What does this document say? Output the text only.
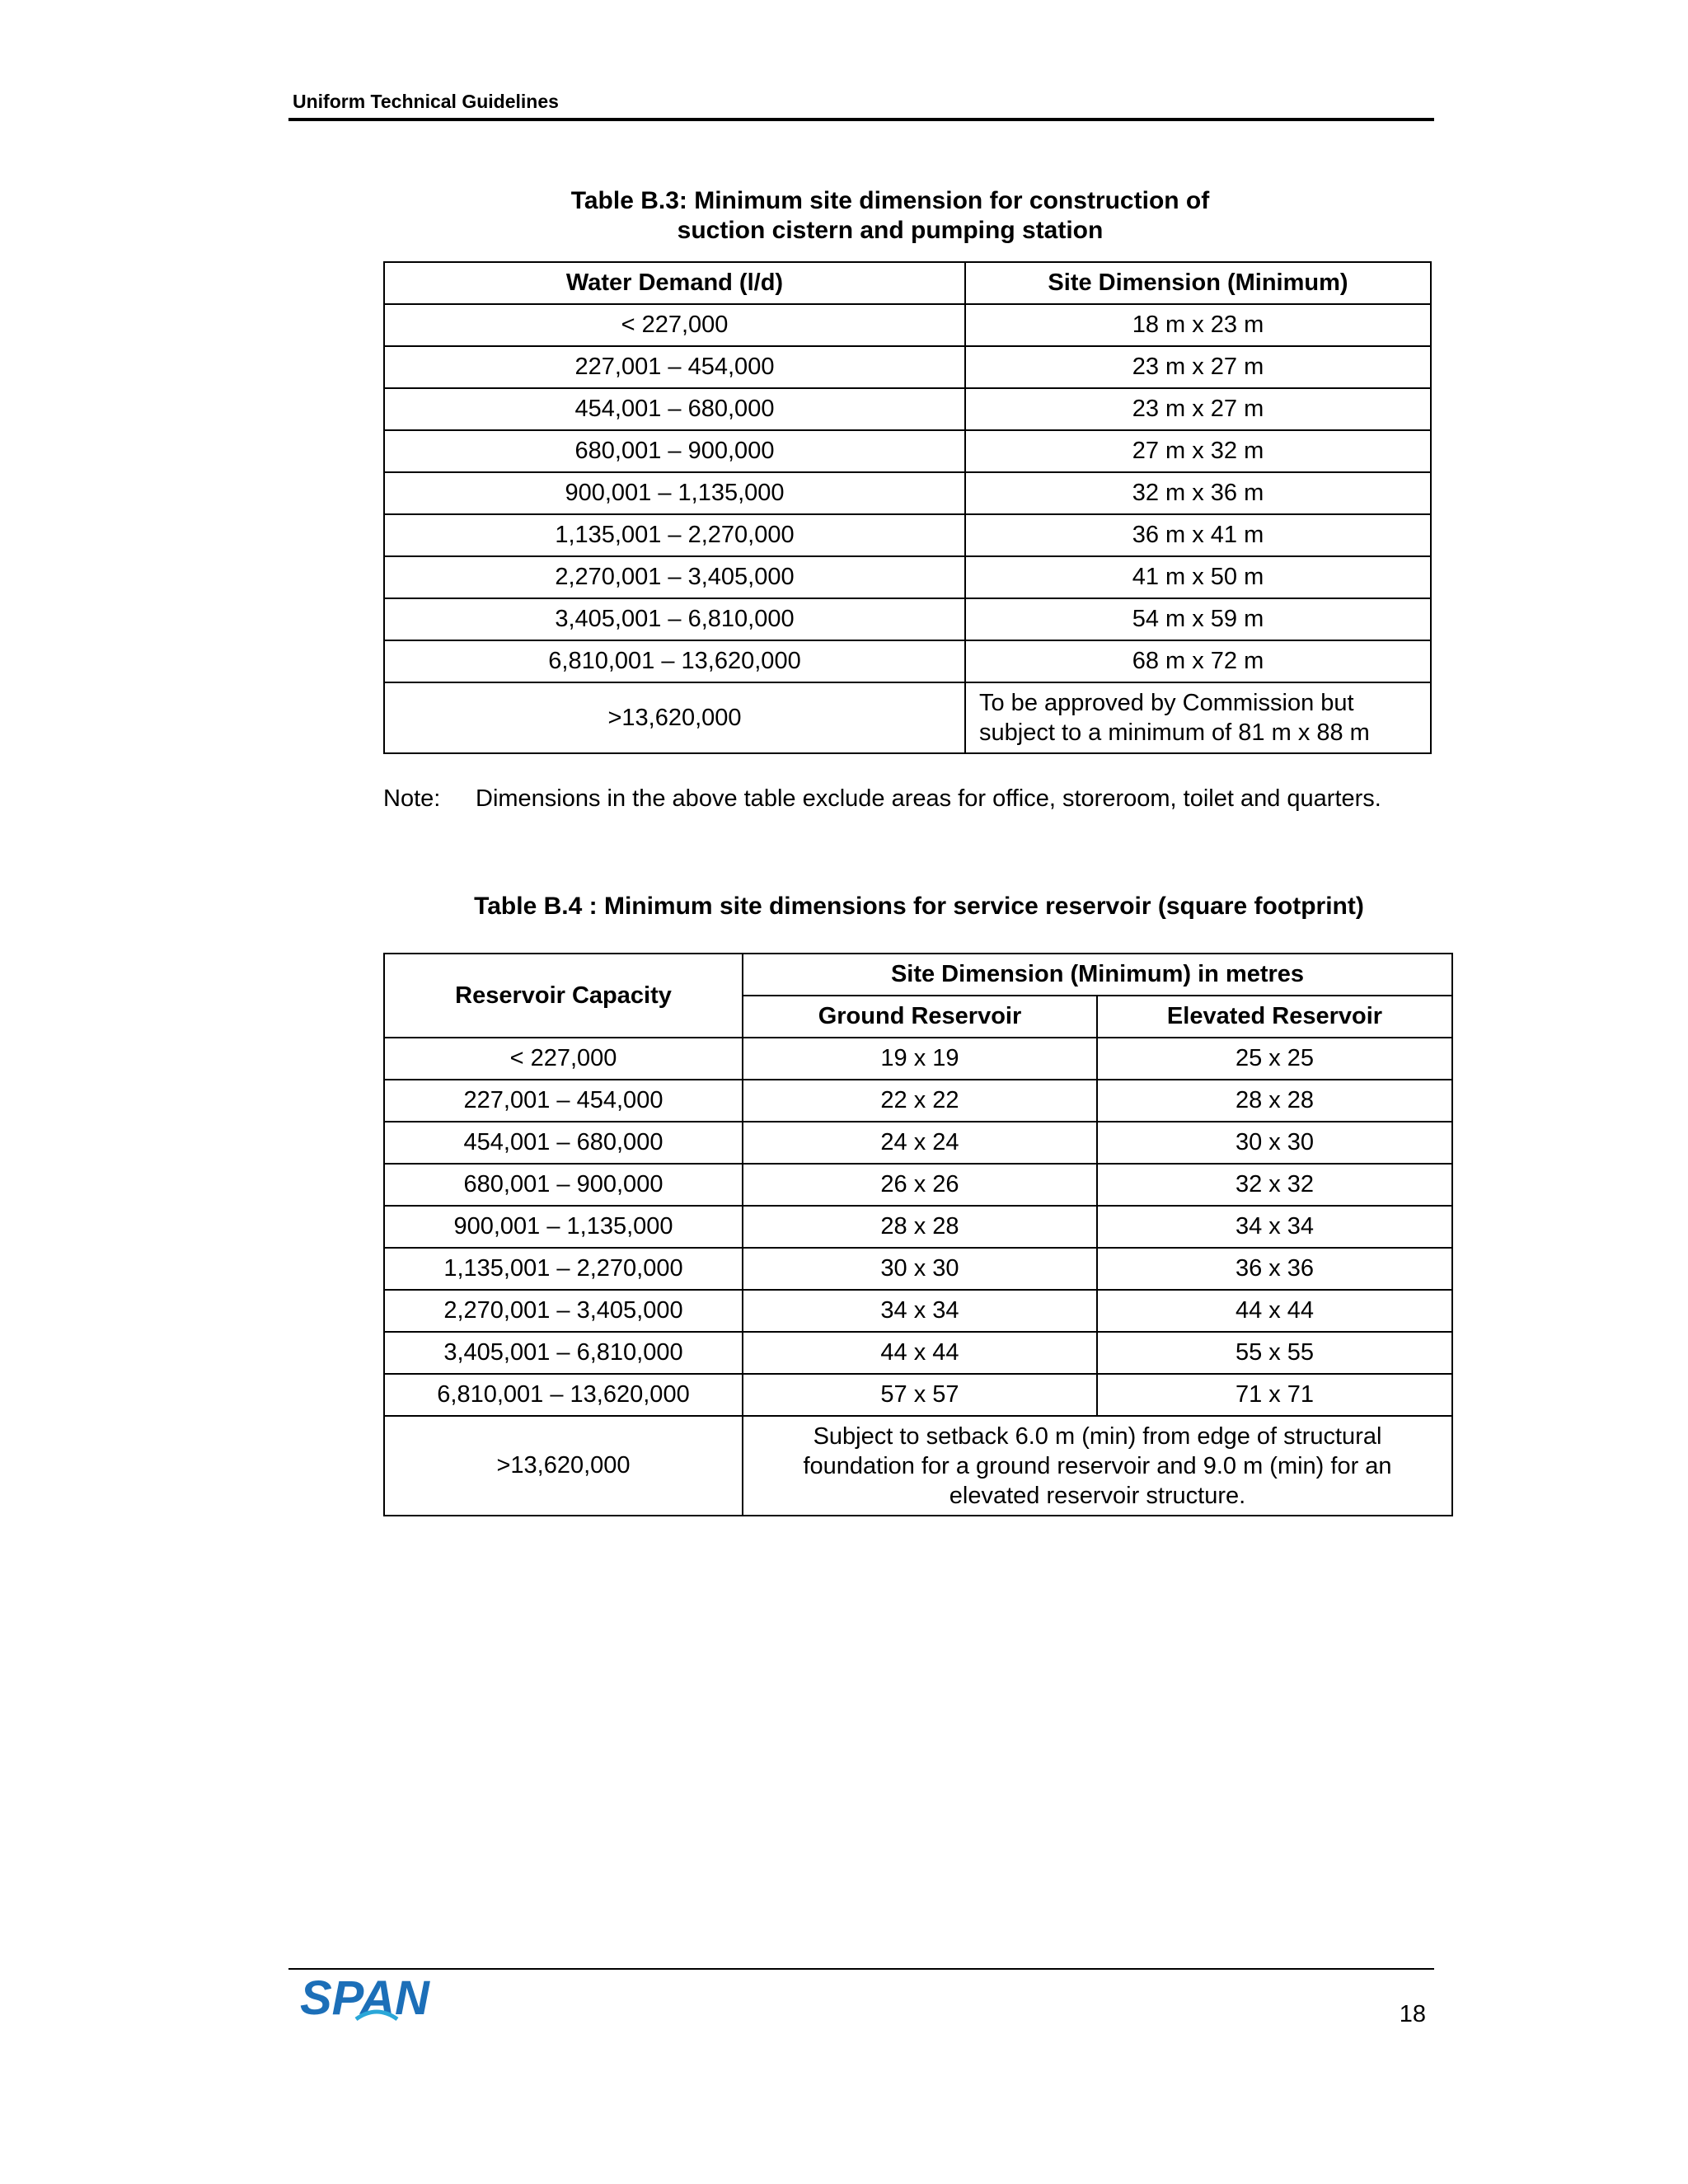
Uniform Technical Guidelines
Table B.3: Minimum site dimension for construction of
suction cistern and pumping station
Water Demand (l/d)	Site Dimension (Minimum)
< 227,000	18 m x 23 m
227,001 – 454,000	23 m x 27 m
454,001 – 680,000	23 m x 27 m
680,001 – 900,000	27 m x 32 m
900,001 – 1,135,000	32 m x 36 m
1,135,001 – 2,270,000	36 m x 41 m
2,270,001 – 3,405,000	41 m x 50 m
3,405,001 – 6,810,000	54 m x 59 m
6,810,001 – 13,620,000	68 m x 72 m
>13,620,000	To be approved by Commission but
subject to a minimum of 81 m x 88 m
Note: Dimensions in the above table exclude areas for office, storeroom, toilet and quarters.
Table B.4 : Minimum site dimensions for service reservoir (square footprint)
Reservoir Capacity	Site Dimension (Minimum) in metres	
	Ground Reservoir	Elevated Reservoir
< 227,000	19 x 19	25 x 25
227,001 – 454,000	22 x 22	28 x 28
454,001 – 680,000	24 x 24	30 x 30
680,001 – 900,000	26 x 26	32 x 32
900,001 – 1,135,000	28 x 28	34 x 34
1,135,001 – 2,270,000	30 x 30	36 x 36
2,270,001 – 3,405,000	34 x 34	44 x 44
3,405,001 – 6,810,000	44 x 44	55 x 55
6,810,001 – 13,620,000	57 x 57	71 x 71
>13,620,000	Subject to setback 6.0 m (min) from edge of structural
foundation for a ground reservoir and 9.0 m (min) for an
elevated reservoir structure.	
SPAN	18
